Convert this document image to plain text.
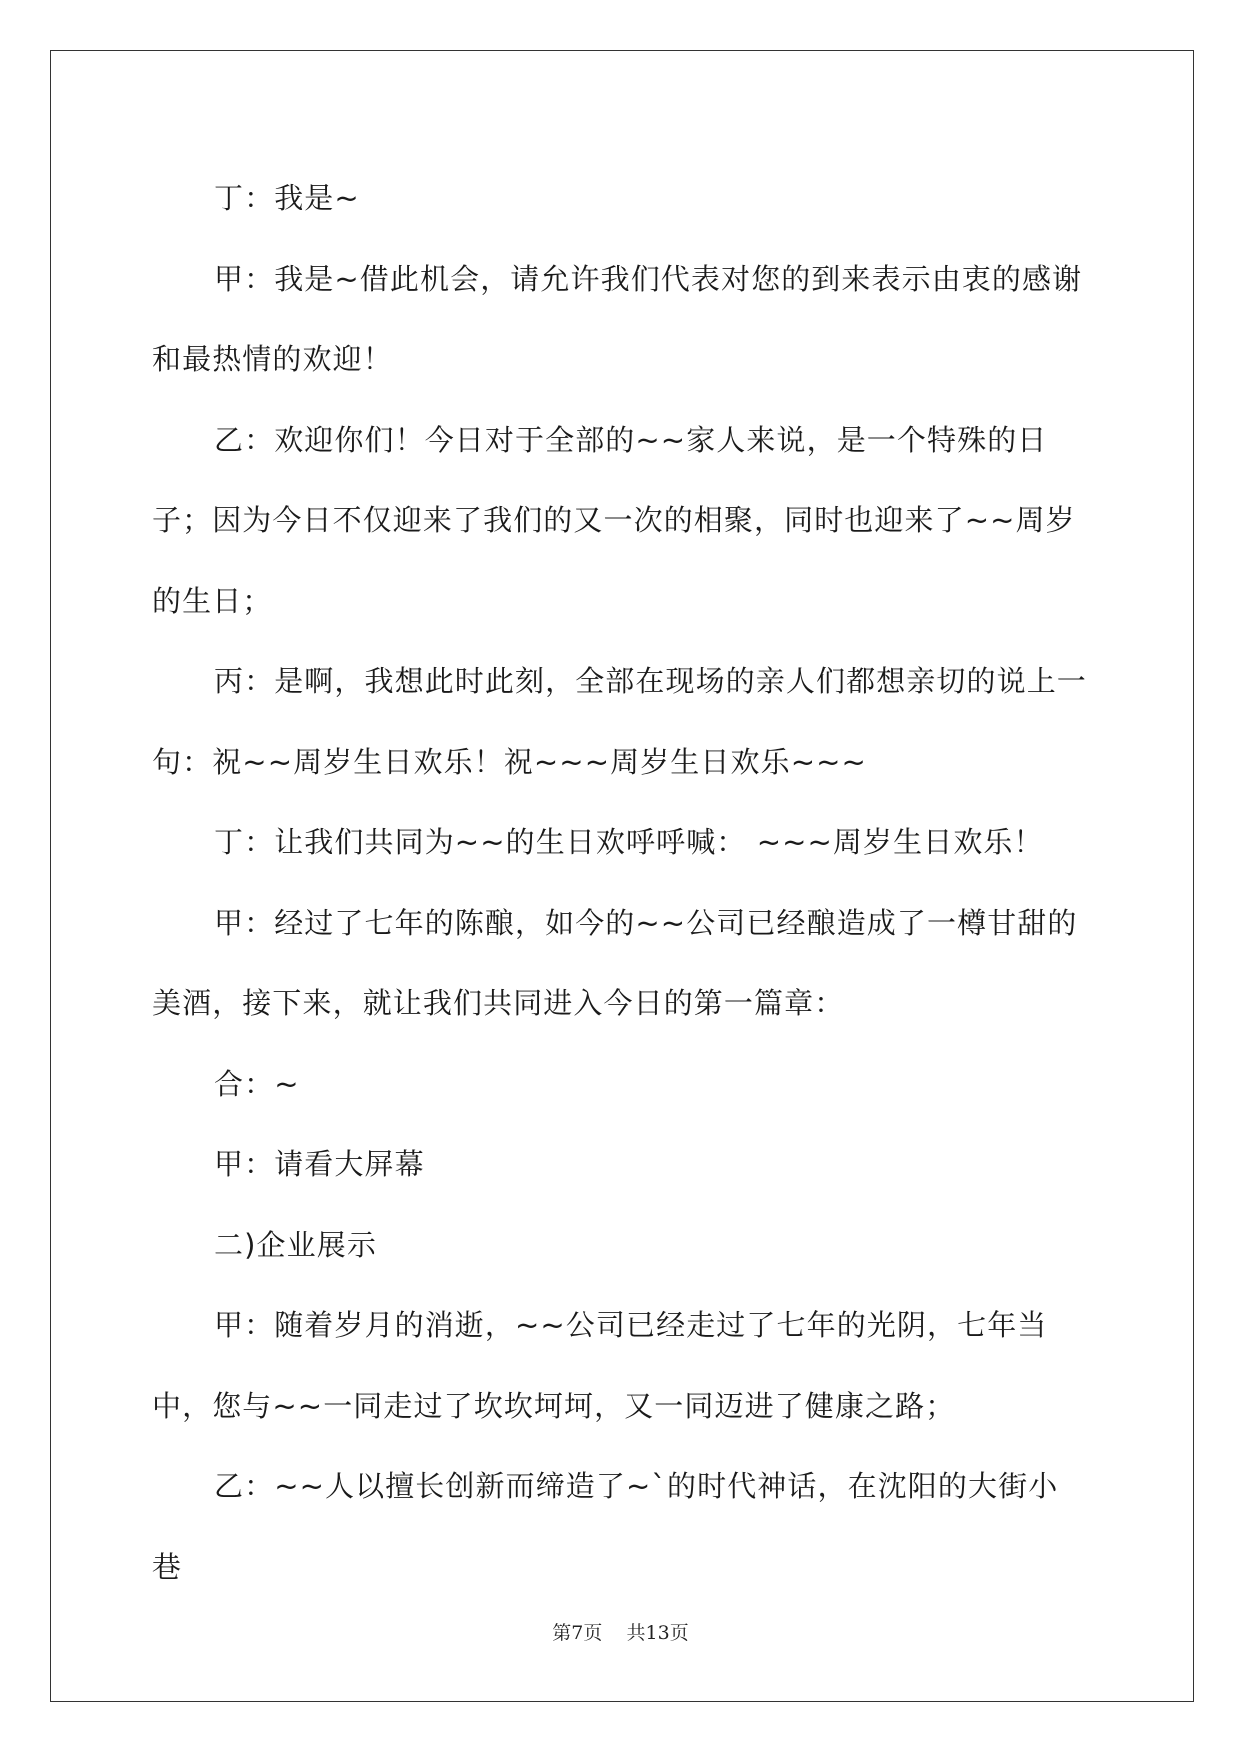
丁：我是~

甲：我是~借此机会，请允许我们代表对您的到来表示由衷的感谢和最热情的欢迎！

乙：欢迎你们！今日对于全部的~~家人来说，是一个特殊的日子；因为今日不仅迎来了我们的又一次的相聚，同时也迎来了~~周岁的生日；

丙：是啊，我想此时此刻，全部在现场的亲人们都想亲切的说上一句：祝~~周岁生日欢乐！祝~~~周岁生日欢乐~~~

丁：让我们共同为~~的生日欢呼呼喊： ~~~周岁生日欢乐！

甲：经过了七年的陈酿，如今的~~公司已经酿造成了一樽甘甜的美酒，接下来，就让我们共同进入今日的第一篇章：

合：~

甲：请看大屏幕

二)企业展示

甲：随着岁月的消逝，~~公司已经走过了七年的光阴，七年当中，您与~~一同走过了坎坎坷坷，又一同迈进了健康之路；

乙：~~人以擅长创新而缔造了~`的时代神话，在沈阳的大街小巷

第7页 共13页
